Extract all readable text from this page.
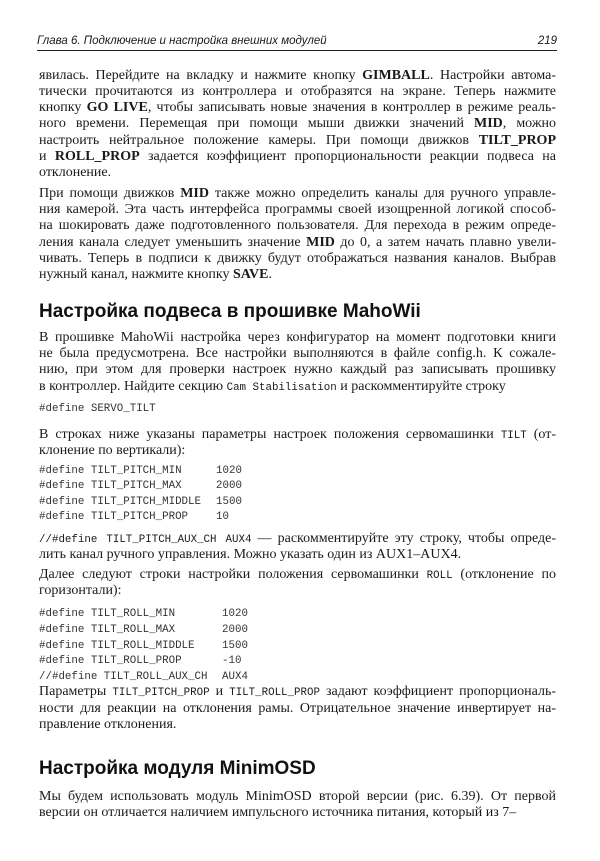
Глава 6. Подключение и настройка внешних модулей	219
явилась. Перейдите на вкладку и нажмите кнопку GIMBALL. Настройки автома-
тически прочитаются из контроллера и отобразятся на экране. Теперь нажмите
кнопку GO LIVE, чтобы записывать новые значения в контроллер в режиме реаль-
ного времени. Перемещая при помощи мыши движки значений MID, можно
настроить нейтральное положение камеры. При помощи движков TILT_PROP
и ROLL_PROP задается коэффициент пропорциональности реакции подвеса на
отклонение.
При помощи движков MID также можно определить каналы для ручного управле-
ния камерой. Эта часть интерфейса программы своей изощренной логикой способ-
на шокировать даже подготовленного пользователя. Для перехода в режим опреде-
ления канала следует уменьшить значение MID до 0, а затем начать плавно увели-
чивать. Теперь в подписи к движку будут отображаться названия каналов. Выбрав
нужный канал, нажмите кнопку SAVE.
Настройка подвеса в прошивке MahoWii
В прошивке MahoWii настройка через конфигуратор на момент подготовки книги
не была предусмотрена. Все настройки выполняются в файле config.h. К сожале-
нию, при этом для проверки настроек нужно каждый раз записывать прошивку
в контроллер. Найдите секцию Cam Stabilisation и раскомментируйте строку
#define SERVO_TILT
В строках ниже указаны параметры настроек положения сервомашинки TILT (от-
клонение по вертикали):
#define TILT_PITCH_MIN	1020
#define TILT_PITCH_MAX	2000
#define TILT_PITCH_MIDDLE 1500
#define TILT_PITCH_PROP	10
//#define TILT_PITCH_AUX_CH AUX4 — раскомментируйте эту строку, чтобы опреде-
лить канал ручного управления. Можно указать один из AUX1–AUX4.
Далее следуют строки настройки положения сервомашинки ROLL (отклонение по
горизонтали):
#define TILT_ROLL_MIN	1020
#define TILT_ROLL_MAX	2000
#define TILT_ROLL_MIDDLE	1500
#define TILT_ROLL_PROP	-10
//#define TILT_ROLL_AUX_CH AUX4
Параметры TILT_PITCH_PROP и TILT_ROLL_PROP задают коэффициент пропорциональ-
ности для реакции на отклонения рамы. Отрицательное значение инвертирует на-
правление отклонения.
Настройка модуля MinimOSD
Мы будем использовать модуль MinimOSD второй версии (рис. 6.39). От первой
версии он отличается наличием импульсного источника питания, который из 7–
